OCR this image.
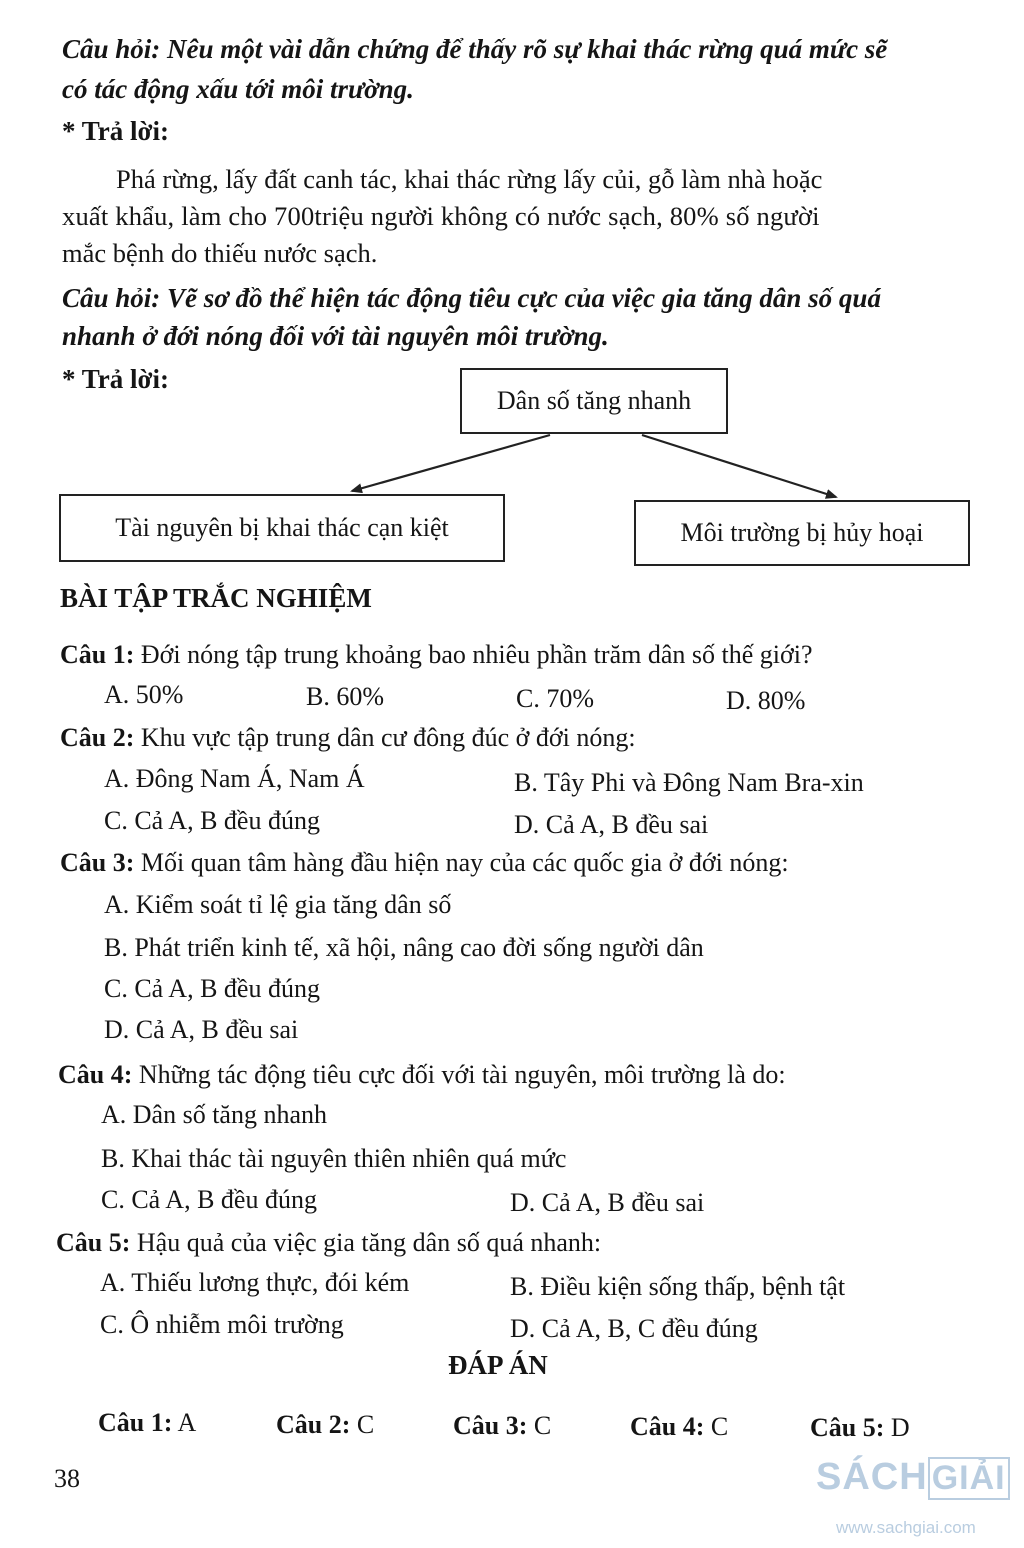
Câu hỏi: Nêu một vài dẫn chứng để thấy rõ sự khai thác rừng quá mức sẽ
có tác động xấu tới môi trường.
* Trả lời:
Phá rừng, lấy đất canh tác, khai thác rừng lấy củi, gỗ làm nhà hoặc
xuất khẩu, làm cho 700triệu người không có nước sạch, 80% số người
mắc bệnh do thiếu nước sạch.
Câu hỏi: Vẽ sơ đồ thể hiện tác động tiêu cực của việc gia tăng dân số quá
nhanh ở đới nóng đối với tài nguyên môi trường.
* Trả lời:
Dân số tăng nhanh
Tài nguyên bị khai thác cạn kiệt	Môi trường bị hủy hoại
BÀI TẬP TRẮC NGHIỆM
Câu 1: Đới nóng tập trung khoảng bao nhiêu phần trăm dân số thế giới?
A. 50%	B. 60%	C. 70%	D. 80%
Câu 2: Khu vực tập trung dân cư đông đúc ở đới nóng:
A. Đông Nam Á, Nam Á	B. Tây Phi và Đông Nam Bra-xin
C. Cả A, B đều đúng	D. Cả A, B đều sai
Câu 3: Mối quan tâm hàng đầu hiện nay của các quốc gia ở đới nóng:
A. Kiểm soát tỉ lệ gia tăng dân số
B. Phát triển kinh tế, xã hội, nâng cao đời sống người dân
C. Cả A, B đều đúng
D. Cả A, B đều sai
Câu 4: Những tác động tiêu cực đối với tài nguyên, môi trường là do:
A. Dân số tăng nhanh
B. Khai thác tài nguyên thiên nhiên quá mức
C. Cả A, B đều đúng	D. Cả A, B đều sai
Câu 5: Hậu quả của việc gia tăng dân số quá nhanh:
A. Thiếu lương thực, đói kém	B. Điều kiện sống thấp, bệnh tật
C. Ô nhiễm môi trường	D. Cả A, B, C đều đúng
ĐÁP ÁN
Câu 1: A	Câu 2: C	Câu 3: C	Câu 4: C	Câu 5: D
38	SÁCH GIẢI
www.sachgiai.com
